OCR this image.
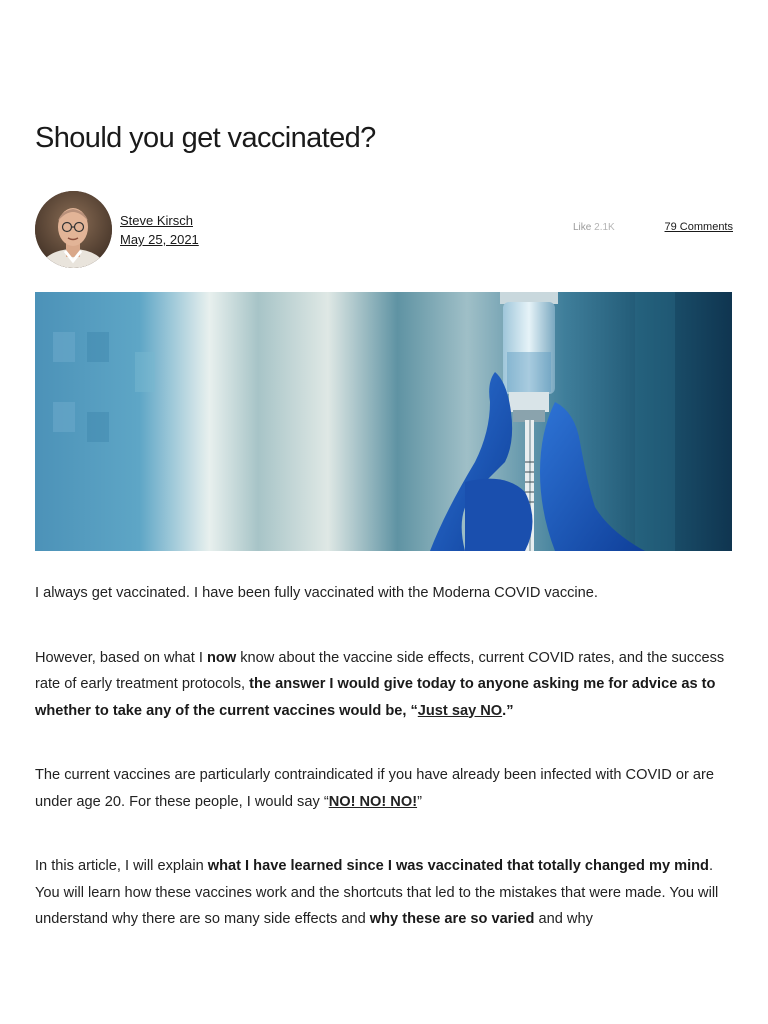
Should you get vaccinated?
Steve Kirsch
May 25, 2021
Like 2.1K	79 Comments

I always get vaccinated. I have been fully vaccinated with the Moderna COVID vaccine.

However, based on what I now know about the vaccine side effects, current COVID rates, and the success rate of early treatment protocols, the answer I would give today to anyone asking me for advice as to whether to take any of the current vaccines would be, “Just say NO.”

The current vaccines are particularly contraindicated if you have already been infected with COVID or are under age 20. For these people, I would say “NO! NO! NO!”

In this article, I will explain what I have learned since I was vaccinated that totally changed my mind. You will learn how these vaccines work and the shortcuts that led to the mistakes that were made. You will understand why there are so many side effects and why these are so varied and why
